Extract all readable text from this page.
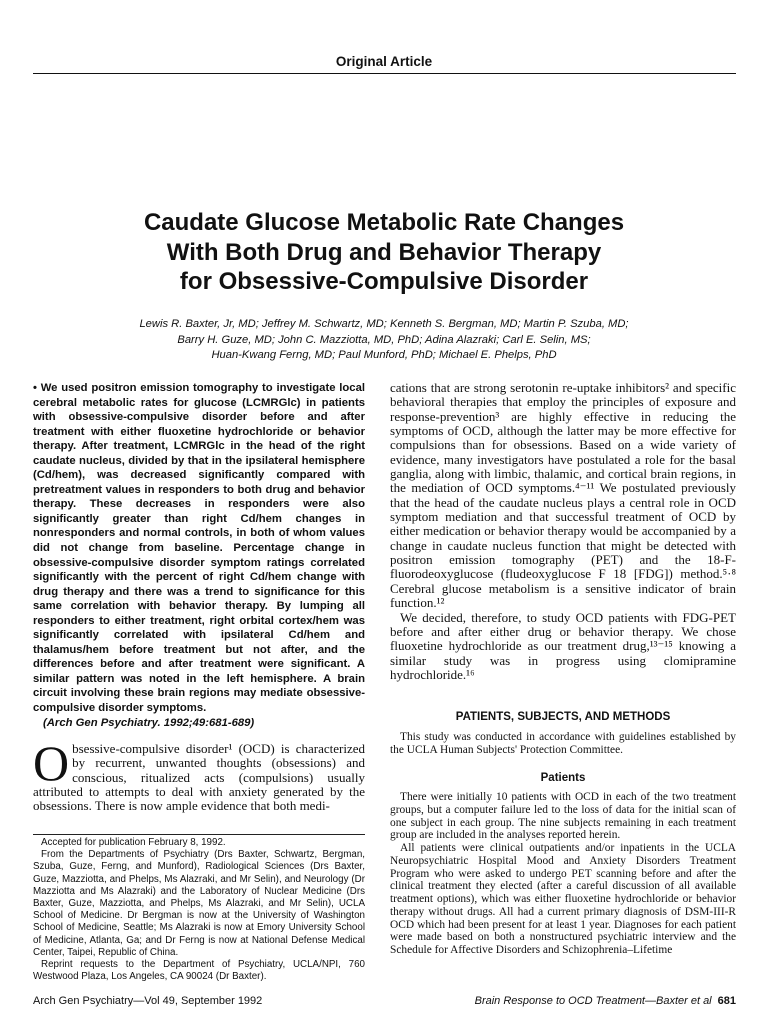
Original Article
Caudate Glucose Metabolic Rate Changes
With Both Drug and Behavior Therapy
for Obsessive-Compulsive Disorder
Lewis R. Baxter, Jr, MD; Jeffrey M. Schwartz, MD; Kenneth S. Bergman, MD; Martin P. Szuba, MD;
Barry H. Guze, MD; John C. Mazziotta, MD, PhD; Adina Alazraki; Carl E. Selin, MS;
Huan-Kwang Ferng, MD; Paul Munford, PhD; Michael E. Phelps, PhD
• We used positron emission tomography to investigate local cerebral metabolic rates for glucose (LCMRGlc) in patients with obsessive-compulsive disorder before and after treatment with either fluoxetine hydrochloride or behavior therapy. After treatment, LCMRGlc in the head of the right caudate nucleus, divided by that in the ipsilateral hemisphere (Cd/hem), was decreased significantly compared with pretreatment values in responders to both drug and behavior therapy. These decreases in responders were also significantly greater than right Cd/hem changes in nonresponders and normal controls, in both of whom values did not change from baseline. Percentage change in obsessive-compulsive disorder symptom ratings correlated significantly with the percent of right Cd/hem change with drug therapy and there was a trend to significance for this same correlation with behavior therapy. By lumping all responders to either treatment, right orbital cortex/hem was significantly correlated with ipsilateral Cd/hem and thalamus/hem before treatment but not after, and the differences before and after treatment were significant. A similar pattern was noted in the left hemisphere. A brain circuit involving these brain regions may mediate obsessive-compulsive disorder symptoms.
(Arch Gen Psychiatry. 1992;49:681-689)
Obsessive-compulsive disorder¹ (OCD) is characterized by recurrent, unwanted thoughts (obsessions) and conscious, ritualized acts (compulsions) usually attributed to attempts to deal with anxiety generated by the obsessions. There is now ample evidence that both medi-

Accepted for publication February 8, 1992.

From the Departments of Psychiatry (Drs Baxter, Schwartz, Bergman, Szuba, Guze, Ferng, and Munford), Radiological Sciences (Drs Baxter, Guze, Mazziotta, and Phelps, Ms Alazraki, and Mr Selin), and Neurology (Dr Mazziotta and Ms Alazraki) and the Laboratory of Nuclear Medicine (Drs Baxter, Guze, Mazziotta, and Phelps, Ms Alazraki, and Mr Selin), UCLA School of Medicine. Dr Bergman is now at the University of Washington School of Medicine, Seattle; Ms Alazraki is now at Emory University School of Medicine, Atlanta, Ga; and Dr Ferng is now at National Defense Medical Center, Taipei, Republic of China.

Reprint requests to the Department of Psychiatry, UCLA/NPI, 760 Westwood Plaza, Los Angeles, CA 90024 (Dr Baxter).

cations that are strong serotonin re-uptake inhibitors² and specific behavioral therapies that employ the principles of exposure and response-prevention³ are highly effective in reducing the symptoms of OCD, although the latter may be more effective for compulsions than for obsessions. Based on a wide variety of evidence, many investigators have postulated a role for the basal ganglia, along with limbic, thalamic, and cortical brain regions, in the mediation of OCD symptoms.⁴⁻¹¹ We postulated previously that the head of the caudate nucleus plays a central role in OCD symptom mediation and that successful treatment of OCD by either medication or behavior therapy would be accompanied by a change in caudate nucleus function that might be detected with positron emission tomography (PET) and the 18-F-fluorodeoxyglucose (fludeoxyglucose F 18 [FDG]) method.⁵·⁸ Cerebral glucose metabolism is a sensitive indicator of brain function.¹²

We decided, therefore, to study OCD patients with FDG-PET before and after either drug or behavior therapy. We chose fluoxetine hydrochloride as our treatment drug,¹³⁻¹⁵ knowing a similar study was in progress using clomipramine hydrochloride.¹⁶

PATIENTS, SUBJECTS, AND METHODS

This study was conducted in accordance with guidelines established by the UCLA Human Subjects' Protection Committee.

Patients

There were initially 10 patients with OCD in each of the two treatment groups, but a computer failure led to the loss of data for the initial scan of one subject in each group. The nine subjects remaining in each treatment group are included in the analyses reported herein.

All patients were clinical outpatients and/or inpatients in the UCLA Neuropsychiatric Hospital Mood and Anxiety Disorders Treatment Program who were asked to undergo PET scanning before and after the clinical treatment they elected (after a careful discussion of all available treatment options), which was either fluoxetine hydrochloride or behavior therapy without drugs. All had a current primary diagnosis of DSM-III-R OCD which had been present for at least 1 year. Diagnoses for each patient were made based on both a nonstructured psychiatric interview and the Schedule for Affective Disorders and Schizophrenia–Lifetime

Arch Gen Psychiatry—Vol 49, September 1992	Brain Response to OCD Treatment—Baxter et al 681
